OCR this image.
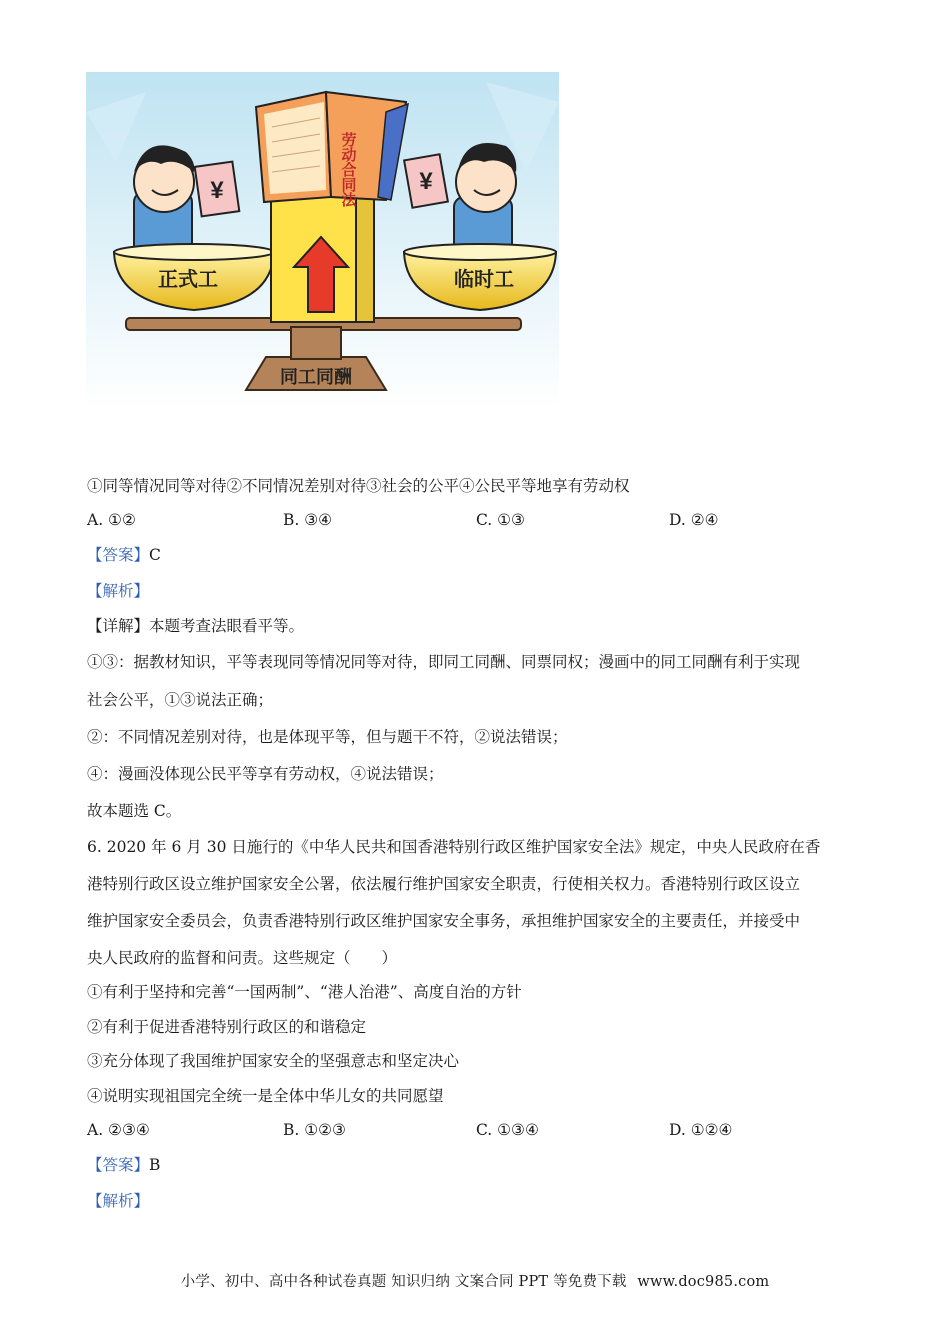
同工同酬
¥	¥
正式工	临时工
劳动合同法
①同等情况同等对待②不同情况差别对待③社会的公平④公民平等地享有劳动权
A. ①②	B. ③④	C. ①③	D. ②④
【答案】C
【解析】
【详解】本题考查法眼看平等。
①③：据教材知识，平等表现同等情况同等对待，即同工同酬、同票同权；漫画中的同工同酬有利于实现
社会公平，①③说法正确；
②：不同情况差别对待，也是体现平等，但与题干不符，②说法错误；
④：漫画没体现公民平等享有劳动权，④说法错误；
故本题选 C。
6. 2020 年 6 月 30 日施行的《中华人民共和国香港特别行政区维护国家安全法》规定，中央人民政府在香
港特别行政区设立维护国家安全公署，依法履行维护国家安全职责，行使相关权力。香港特别行政区设立
维护国家安全委员会，负责香港特别行政区维护国家安全事务，承担维护国家安全的主要责任，并接受中
央人民政府的监督和问责。这些规定（　　）
①有利于坚持和完善“一国两制”、“港人治港”、高度自治的方针
②有利于促进香港特别行政区的和谐稳定
③充分体现了我国维护国家安全的坚强意志和坚定决心
④说明实现祖国完全统一是全体中华儿女的共同愿望
A. ②③④	B. ①②③	C. ①③④	D. ①②④
【答案】B
【解析】
小学、初中、高中各种试卷真题 知识归纳 文案合同 PPT 等免费下载 www.doc985.com
